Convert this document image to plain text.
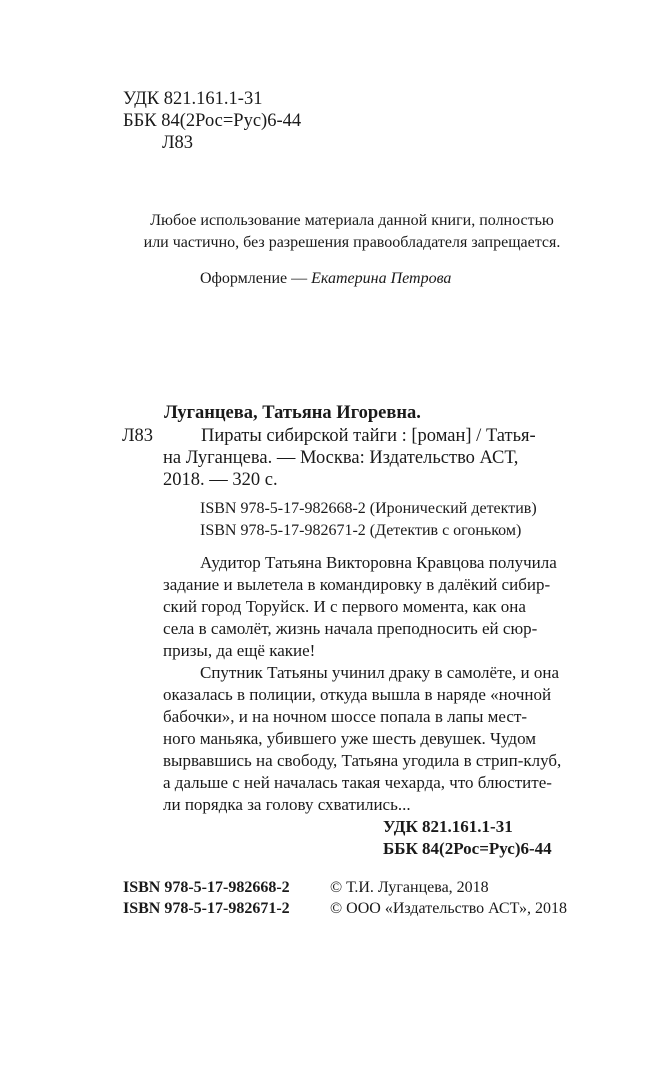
УДК 821.161.1-31
ББК 84(2Рос=Рус)6-44
Л83
Любое использование материала данной книги, полностью
или частично, без разрешения правообладателя запрещается.
Оформление — Екатерина Петрова
Луганцева, Татьяна Игоревна.
Л83	Пираты сибирской тайги : [роман] / Татья-
на Луганцева. — Москва: Издательство АСТ,
2018. — 320 с.
ISBN 978-5-17-982668-2 (Иронический детектив)
ISBN 978-5-17-982671-2 (Детектив с огоньком)
Аудитор Татьяна Викторовна Кравцова получила
задание и вылетела в командировку в далёкий сибир-
ский город Торуйск. И с первого момента, как она
села в самолёт, жизнь начала преподносить ей сюр-
призы, да ещё какие!
Спутник Татьяны учинил драку в самолёте, и она
оказалась в полиции, откуда вышла в наряде «ночной
бабочки», и на ночном шоссе попала в лапы мест-
ного маньяка, убившего уже шесть девушек. Чудом
вырвавшись на свободу, Татьяна угодила в стрип-клуб,
а дальше с ней началась такая чехарда, что блюстите-
ли порядка за голову схватились...
УДК 821.161.1-31
ББК 84(2Рос=Рус)6-44
ISBN 978-5-17-982668-2
ISBN 978-5-17-982671-2
© Т.И. Луганцева, 2018
© ООО «Издательство АСТ», 2018
